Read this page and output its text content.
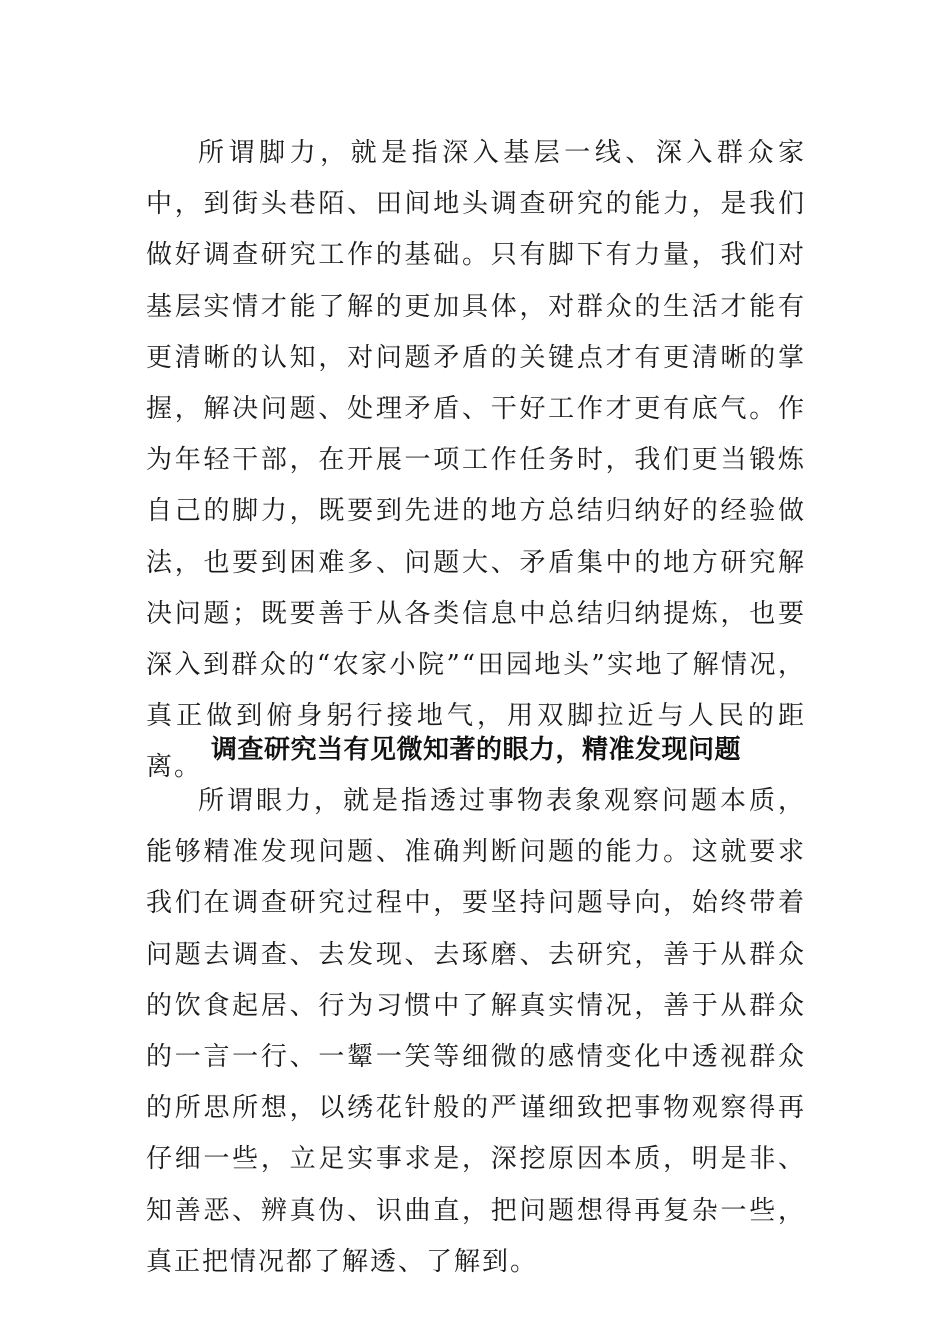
所谓脚力，就是指深入基层一线、深入群众家中，到街头巷陌、田间地头调查研究的能力，是我们做好调查研究工作的基础。只有脚下有力量，我们对基层实情才能了解的更加具体，对群众的生活才能有更清晰的认知，对问题矛盾的关键点才有更清晰的掌握，解决问题、处理矛盾、干好工作才更有底气。作为年轻干部，在开展一项工作任务时，我们更当锻炼自己的脚力，既要到先进的地方总结归纳好的经验做法，也要到困难多、问题大、矛盾集中的地方研究解决问题；既要善于从各类信息中总结归纳提炼，也要深入到群众的“农家小院”“田园地头”实地了解情况，真正做到俯身躬行接地气，用双脚拉近与人民的距离。

调查研究当有见微知著的眼力，精准发现问题

所谓眼力，就是指透过事物表象观察问题本质，能够精准发现问题、准确判断问题的能力。这就要求我们在调查研究过程中，要坚持问题导向，始终带着问题去调查、去发现、去琢磨、去研究，善于从群众的饮食起居、行为习惯中了解真实情况，善于从群众的一言一行、一颦一笑等细微的感情变化中透视群众的所思所想，以绣花针般的严谨细致把事物观察得再仔细一些，立足实事求是，深挖原因本质，明是非、知善恶、辨真伪、识曲直，把问题想得再复杂一些，真正把情况都了解透、了解到。
